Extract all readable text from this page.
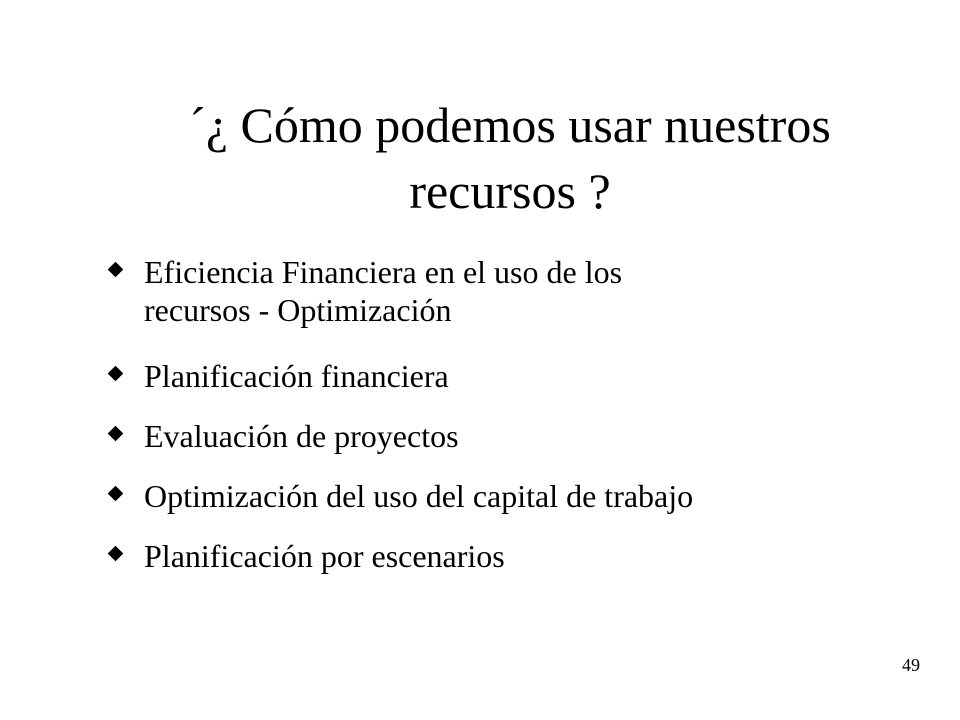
´¿ Cómo podemos usar nuestros
recursos ?
Eficiencia Financiera en el uso de los
recursos - Optimización
Planificación financiera
Evaluación de proyectos
Optimización del uso del capital de trabajo
Planificación por escenarios
49
